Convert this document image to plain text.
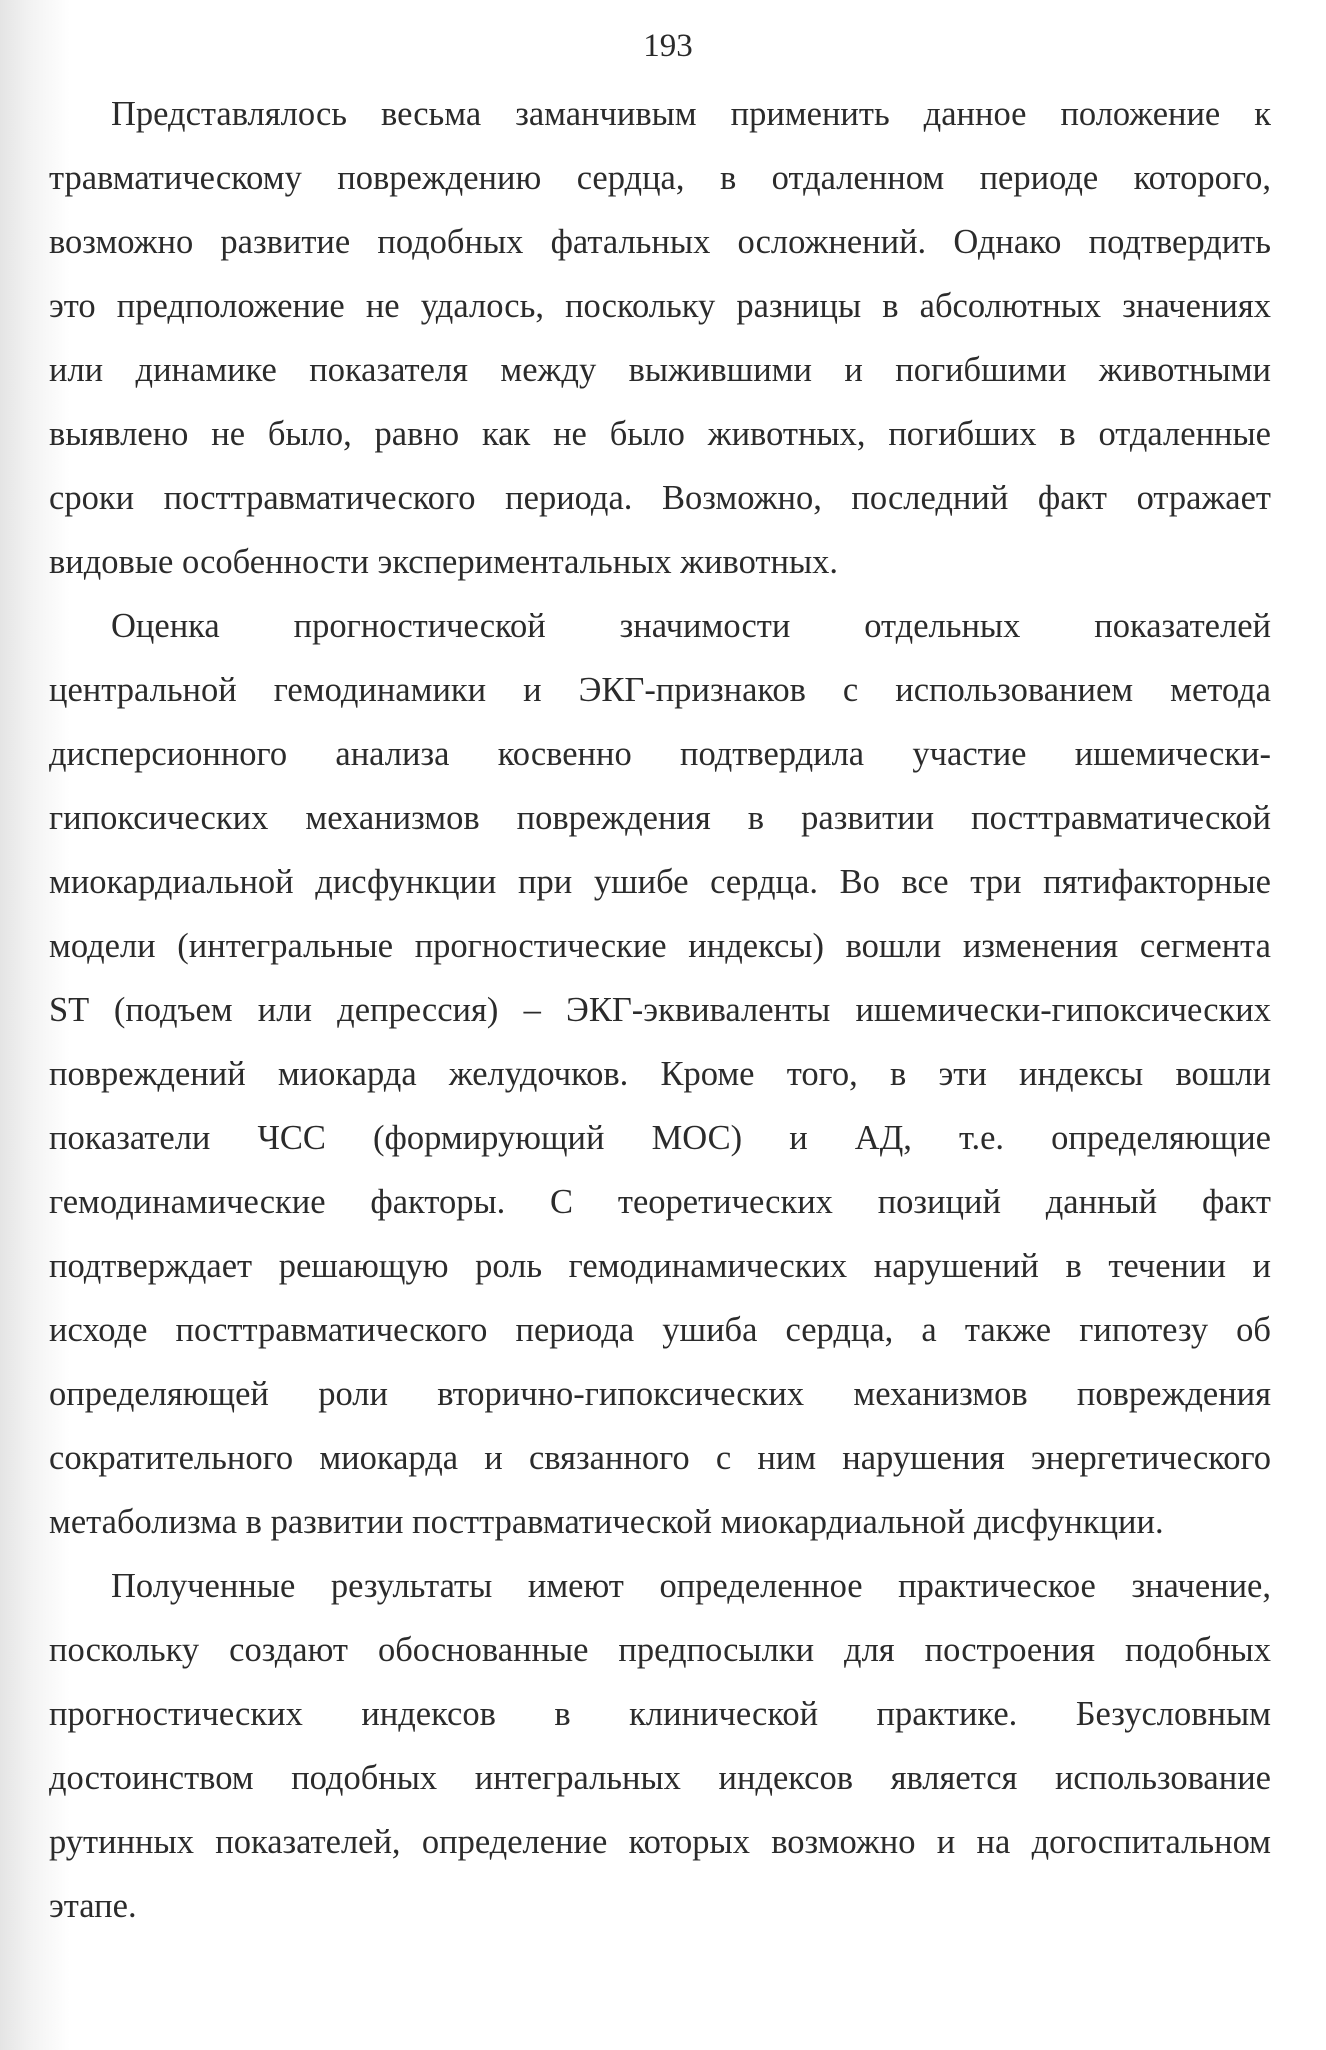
193
Представлялось весьма заманчивым применить данное положение к
травматическому повреждению сердца, в отдаленном периоде которого,
возможно развитие подобных фатальных осложнений. Однако подтвердить
это предположение не удалось, поскольку разницы в абсолютных значениях
или динамике показателя между выжившими и погибшими животными
выявлено не было, равно как не было животных, погибших в отдаленные
сроки посттравматического периода. Возможно, последний факт отражает
видовые особенности экспериментальных животных.
Оценка прогностической значимости отдельных показателей
центральной гемодинамики и ЭКГ-признаков с использованием метода
дисперсионного анализа косвенно подтвердила участие ишемически-
гипоксических механизмов повреждения в развитии посттравматической
миокардиальной дисфункции при ушибе сердца. Во все три пятифакторные
модели (интегральные прогностические индексы) вошли изменения сегмента
ST (подъем или депрессия) – ЭКГ-эквиваленты ишемически-гипоксических
повреждений миокарда желудочков. Кроме того, в эти индексы вошли
показатели ЧСС (формирующий МОС) и АД, т.е. определяющие
гемодинамические факторы. С теоретических позиций данный факт
подтверждает решающую роль гемодинамических нарушений в течении и
исходе посттравматического периода ушиба сердца, а также гипотезу об
определяющей роли вторично-гипоксических механизмов повреждения
сократительного миокарда и связанного с ним нарушения энергетического
метаболизма в развитии посттравматической миокардиальной дисфункции.
Полученные результаты имеют определенное практическое значение,
поскольку создают обоснованные предпосылки для построения подобных
прогностических индексов в клинической практике. Безусловным
достоинством подобных интегральных индексов является использование
рутинных показателей, определение которых возможно и на догоспитальном
этапе.
